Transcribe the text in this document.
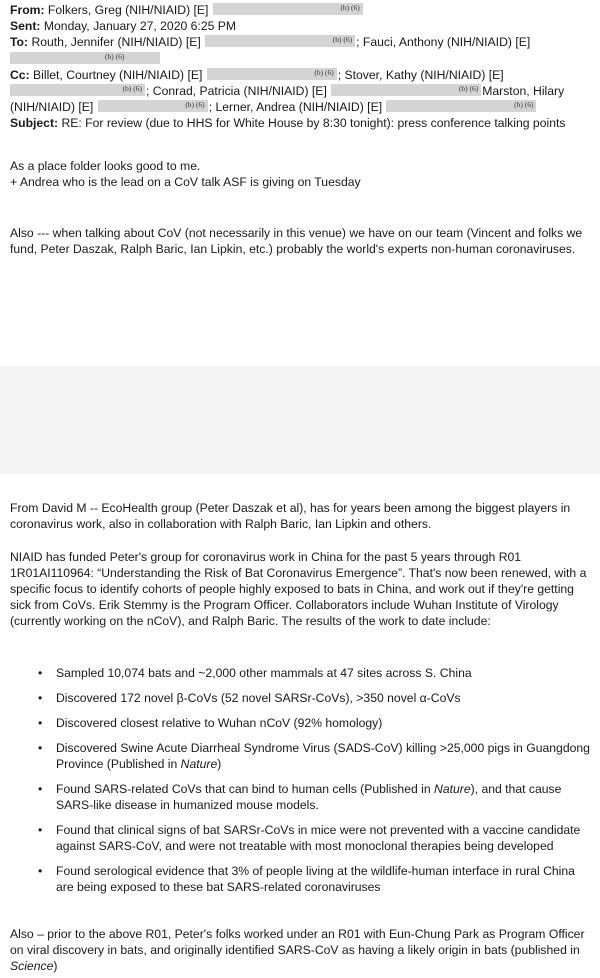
From: Folkers, Greg (NIH/NIAID) [E]	(b) (6)
Sent: Monday, January 27, 2020 6:25 PM
To: Routh, Jennifer (NIH/NIAID) [E]	(b) (6) ; Fauci, Anthony (NIH/NIAID) [E]
(b) (6)
Cc: Billet, Courtney (NIH/NIAID) [E]	(b) (6) ; Stover, Kathy (NIH/NIAID) [E]
(b) (6) ; Conrad, Patricia (NIH/NIAID) [E]	(b) (6) Marston, Hilary
(NIH/NIAID) [E]	(b) (6) ; Lerner, Andrea (NIH/NIAID) [E]	(b) (6)
Subject: RE: For review (due to HHS for White House by 8:30 tonight): press conference talking points

As a place folder looks good to me.
+ Andrea who is the lead on a CoV talk ASF is giving on Tuesday

Also --- when talking about CoV (not necessarily in this venue) we have on our team (Vincent and folks we fund, Peter Daszak, Ralph Baric, Ian Lipkin, etc.) probably the world's experts non-human coronaviruses.

From David M -- EcoHealth group (Peter Daszak et al), has for years been among the biggest players in coronavirus work, also in collaboration with Ralph Baric, Ian Lipkin and others.

NIAID has funded Peter's group for coronavirus work in China for the past 5 years through R01 1R01AI110964: “Understanding the Risk of Bat Coronavirus Emergence”. That's now been renewed, with a specific focus to identify cohorts of people highly exposed to bats in China, and work out if they're getting sick from CoVs. Erik Stemmy is the Program Officer. Collaborators include Wuhan Institute of Virology (currently working on the nCoV), and Ralph Baric. The results of the work to date include:

• Sampled 10,074 bats and ~2,000 other mammals at 47 sites across S. China
• Discovered 172 novel β-CoVs (52 novel SARSr-CoVs), >350 novel α-CoVs
• Discovered closest relative to Wuhan nCoV (92% homology)
• Discovered Swine Acute Diarrheal Syndrome Virus (SADS-CoV) killing >25,000 pigs in Guangdong Province (Published in Nature)
• Found SARS-related CoVs that can bind to human cells (Published in Nature), and that cause SARS-like disease in humanized mouse models.
• Found that clinical signs of bat SARSr-CoVs in mice were not prevented with a vaccine candidate against SARS-CoV, and were not treatable with most monoclonal therapies being developed
• Found serological evidence that 3% of people living at the wildlife-human interface in rural China are being exposed to these bat SARS-related coronaviruses

Also – prior to the above R01, Peter's folks worked under an R01 with Eun-Chung Park as Program Officer on viral discovery in bats, and originally identified SARS-CoV as having a likely origin in bats (published in Science)
